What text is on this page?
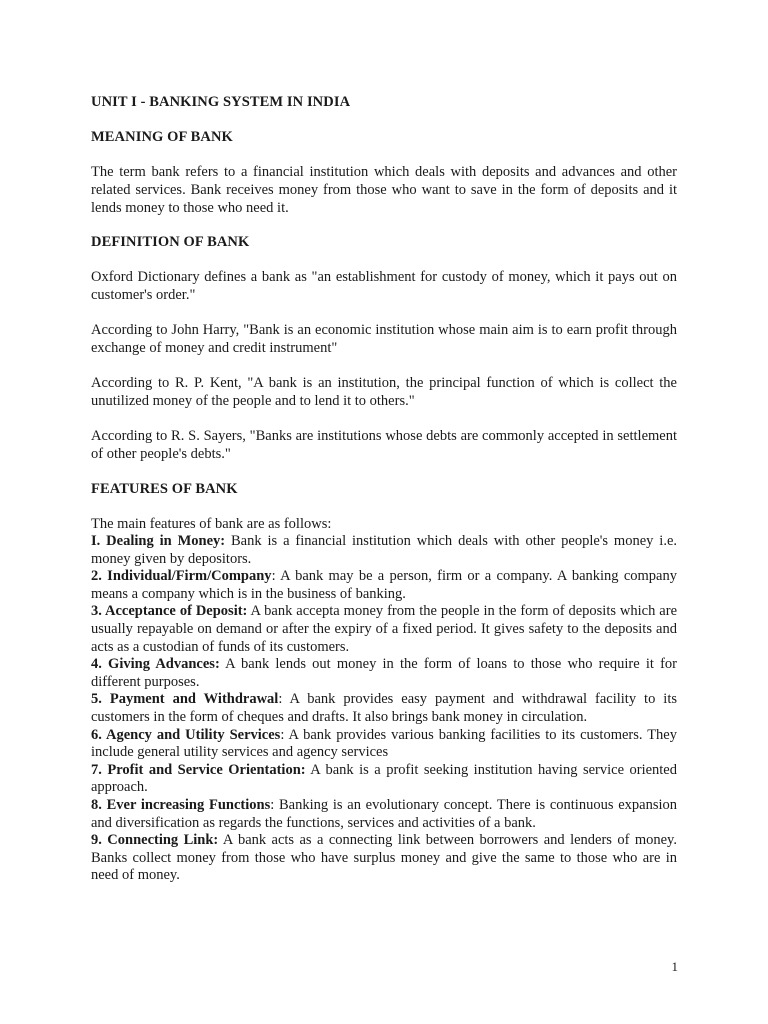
UNIT I - BANKING SYSTEM IN INDIA

MEANING OF BANK

The term bank refers to a financial institution which deals with deposits and advances and other related services. Bank receives money from those who want to save in the form of deposits and it lends money to those who need it.

DEFINITION OF BANK

Oxford Dictionary defines a bank as "an establishment for custody of money, which it pays out on customer's order."

According to John Harry, "Bank is an economic institution whose main aim is to earn profit through exchange of money and credit instrument"

According to R. P. Kent, "A bank is an institution, the principal function of which is collect the unutilized money of the people and to lend it to others."

According to R. S. Sayers, "Banks are institutions whose debts are commonly accepted in settlement of other people's debts."

FEATURES OF BANK

The main features of bank are as follows:

I. Dealing in Money: Bank is a financial institution which deals with other people's money i.e. money given by depositors.

2. Individual/Firm/Company: A bank may be a person, firm or a company. A banking company means a company which is in the business of banking.

3. Acceptance of Deposit: A bank accepta money from the people in the form of deposits which are usually repayable on demand or after the expiry of a fixed period. It gives safety to the deposits and acts as a custodian of funds of its customers.

4. Giving Advances: A bank lends out money in the form of loans to those who require it for different purposes.

5. Payment and Withdrawal: A bank provides easy payment and withdrawal facility to its customers in the form of cheques and drafts. It also brings bank money in circulation.

6. Agency and Utility Services: A bank provides various banking facilities to its customers. They include general utility services and agency services

7. Profit and Service Orientation: A bank is a profit seeking institution having service oriented approach.

8. Ever increasing Functions: Banking is an evolutionary concept. There is continuous expansion and diversification as regards the functions, services and activities of a bank.

9. Connecting Link: A bank acts as a connecting link between borrowers and lenders of money. Banks collect money from those who have surplus money and give the same to those who are in need of money.

1
